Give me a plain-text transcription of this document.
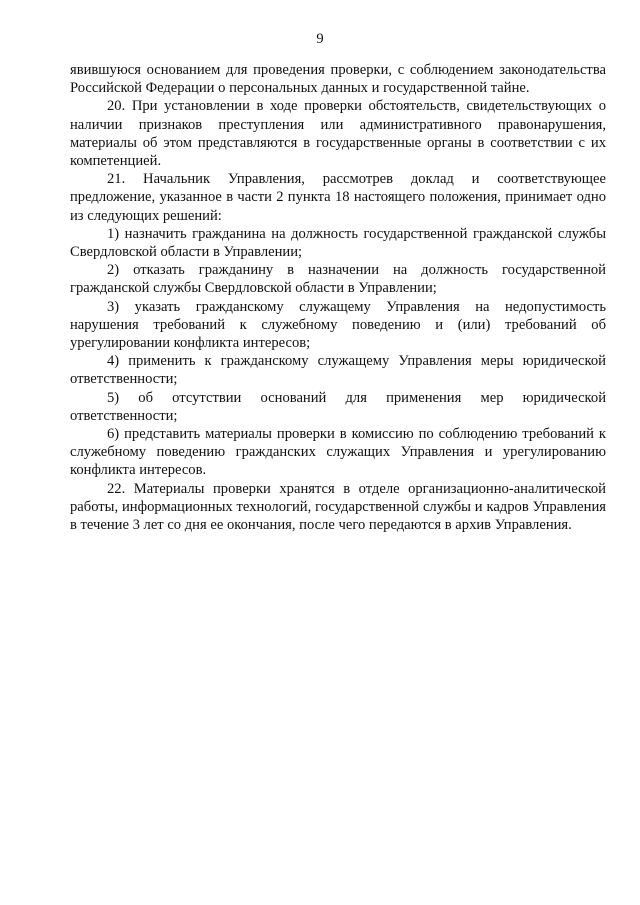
9

явившуюся основанием для проведения проверки, с соблюдением законодательства Российской Федерации о персональных данных и государственной тайне.

20. При установлении в ходе проверки обстоятельств, свидетельствующих о наличии признаков преступления или административного правонарушения, материалы об этом представляются в государственные органы в соответствии с их компетенцией.

21. Начальник Управления, рассмотрев доклад и соответствующее предложение, указанное в части 2 пункта 18 настоящего положения, принимает одно из следующих решений:

1) назначить гражданина на должность государственной гражданской службы Свердловской области в Управлении;

2) отказать гражданину в назначении на должность государственной гражданской службы Свердловской области в Управлении;

3) указать гражданскому служащему Управления на недопустимость нарушения требований к служебному поведению и (или) требований об урегулировании конфликта интересов;

4) применить к гражданскому служащему Управления меры юридической ответственности;

5) об отсутствии оснований для применения мер юридической ответственности;

6) представить материалы проверки в комиссию по соблюдению требований к служебному поведению гражданских служащих Управления и урегулированию конфликта интересов.

22. Материалы проверки хранятся в отделе организационно-аналитической работы, информационных технологий, государственной службы и кадров Управления в течение 3 лет со дня ее окончания, после чего передаются в архив Управления.
